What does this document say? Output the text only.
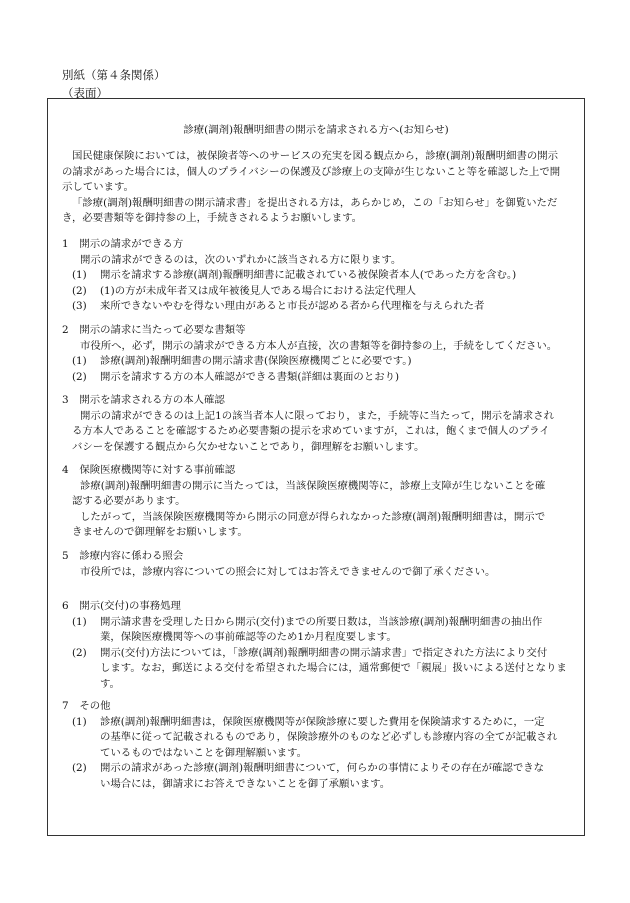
別紙（第４条関係）
（表面）
診療(調剤)報酬明細書の開示を請求される方へ(お知らせ)
国民健康保険においては，被保険者等へのサービスの充実を図る観点から，診療(調剤)報酬明細書の開示
の請求があった場合には，個人のプライバシーの保護及び診療上の支障が生じないこと等を確認した上で開
示しています。
「診療(調剤)報酬明細書の開示請求書」を提出される方は，あらかじめ，この「お知らせ」を御覧いただ
き，必要書類等を御持参の上，手続きされるようお願いします。
1 開示の請求ができる方
開示の請求ができるのは，次のいずれかに該当される方に限ります。
(1)	開示を請求する診療(調剤)報酬明細書に記載されている被保険者本人(であった方を含む。)
(2)	(1)の方が未成年者又は成年被後見人である場合における法定代理人
(3)	来所できないやむを得ない理由があると市長が認める者から代理権を与えられた者
2 開示の請求に当たって必要な書類等
市役所へ，必ず，開示の請求ができる方本人が直接，次の書類等を御持参の上，手続をしてください。
(1)	診療(調剤)報酬明細書の開示請求書(保険医療機関ごとに必要です。)
(2)	開示を請求する方の本人確認ができる書類(詳細は裏面のとおり)
3 開示を請求される方の本人確認
開示の請求ができるのは上記1の該当者本人に限っており，また，手続等に当たって，開示を請求され
る方本人であることを確認するため必要書類の提示を求めていますが，これは，飽くまで個人のプライ
バシーを保護する観点から欠かせないことであり，御理解をお願いします。
4 保険医療機関等に対する事前確認
診療(調剤)報酬明細書の開示に当たっては，当該保険医療機関等に，診療上支障が生じないことを確
認する必要があります。
したがって，当該保険医療機関等から開示の同意が得られなかった診療(調剤)報酬明細書は，開示で
きませんので御理解をお願いします。
5 診療内容に係わる照会
市役所では，診療内容についての照会に対してはお答えできませんので御了承ください。
6 開示(交付)の事務処理
(1)	開示請求書を受理した日から開示(交付)までの所要日数は，当該診療(調剤)報酬明細書の抽出作
業，保険医療機関等への事前確認等のため1か月程度要します。
(2)	開示(交付)方法については，「診療(調剤)報酬明細書の開示請求書」で指定された方法により交付
します。なお，郵送による交付を希望された場合には，通常郵便で「親展」扱いによる送付となりま
す。
7 その他
(1)	診療(調剤)報酬明細書は，保険医療機関等が保険診療に要した費用を保険請求するために，一定
の基準に従って記載されるものであり，保険診療外のものなど必ずしも診療内容の全てが記載され
ているものではないことを御理解願います。
(2)	開示の請求があった診療(調剤)報酬明細書について，何らかの事情によりその存在が確認できな
い場合には，御請求にお答えできないことを御了承願います。
